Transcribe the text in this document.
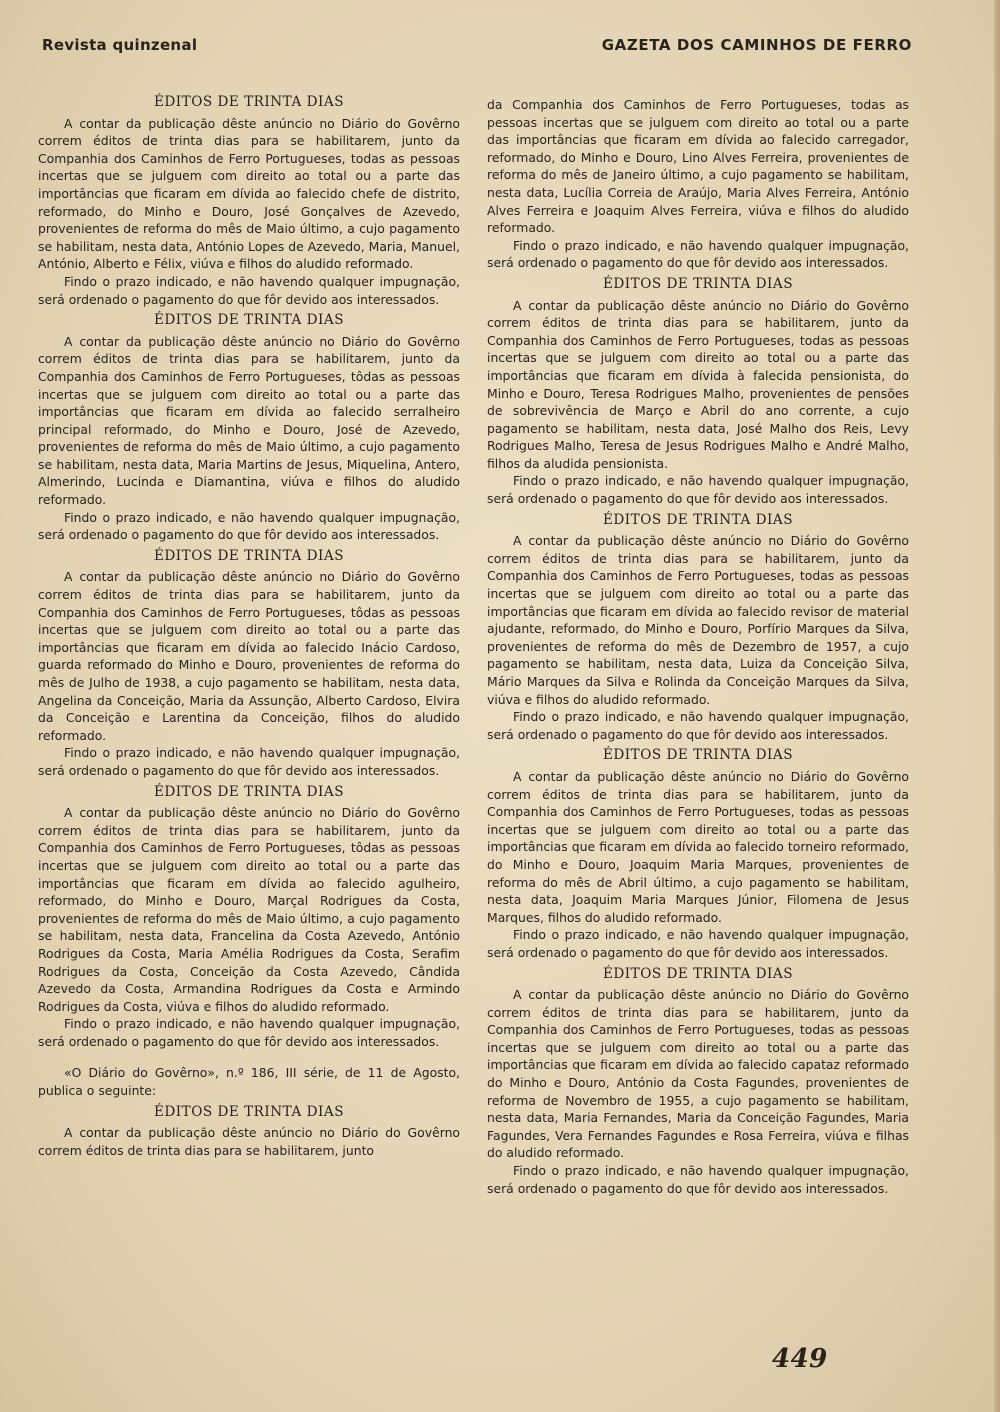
Revista quinzenal	GAZETA DOS CAMINHOS DE FERRO
ÉDITOS DE TRINTA DIAS

A contar da publicação dêste anúncio no Diário do Govêrno correm éditos de trinta dias para se habilitarem, junto da Companhia dos Caminhos de Ferro Portugueses, todas as pessoas incertas que se julguem com direito ao total ou a parte das importâncias que ficaram em dívida ao falecido chefe de distrito, reformado, do Minho e Douro, José Gonçalves de Azevedo, provenientes de reforma do mês de Maio último, a cujo pagamento se habilitam, nesta data, António Lopes de Azevedo, Maria, Manuel, António, Alberto e Félix, viúva e filhos do aludido reformado.

Findo o prazo indicado, e não havendo qualquer impugnação, será ordenado o pagamento do que fôr devido aos interessados.

ÉDITOS DE TRINTA DIAS

A contar da publicação dêste anúncio no Diário do Govêrno correm éditos de trinta dias para se habilitarem, junto da Companhia dos Caminhos de Ferro Portugueses, tôdas as pessoas incertas que se julguem com direito ao total ou a parte das importâncias que ficaram em dívida ao falecido serralheiro principal reformado, do Minho e Douro, José de Azevedo, provenientes de reforma do mês de Maio último, a cujo pagamento se habilitam, nesta data, Maria Martins de Jesus, Miquelina, Antero, Almerindo, Lucinda e Diamantina, viúva e filhos do aludido reformado.

Findo o prazo indicado, e não havendo qualquer impugnação, será ordenado o pagamento do que fôr devido aos interessados.

ÉDITOS DE TRINTA DIAS

A contar da publicação dêste anúncio no Diário do Govêrno correm éditos de trinta dias para se habilitarem, junto da Companhia dos Caminhos de Ferro Portugueses, tôdas as pessoas incertas que se julguem com direito ao total ou a parte das importâncias que ficaram em dívida ao falecido Inácio Cardoso, guarda reformado do Minho e Douro, provenientes de reforma do mês de Julho de 1938, a cujo pagamento se habilitam, nesta data, Angelina da Conceição, Maria da Assunção, Alberto Cardoso, Elvira da Conceição e Larentina da Conceição, filhos do aludido reformado.

Findo o prazo indicado, e não havendo qualquer impugnação, será ordenado o pagamento do que fôr devido aos interessados.

ÉDITOS DE TRINTA DIAS

A contar da publicação dêste anúncio no Diário do Govêrno correm éditos de trinta dias para se habilitarem, junto da Companhia dos Caminhos de Ferro Portugueses, tôdas as pessoas incertas que se julguem com direito ao total ou a parte das importâncias que ficaram em dívida ao falecido agulheiro, reformado, do Minho e Douro, Marçal Rodrigues da Costa, provenientes de reforma do mês de Maio último, a cujo pagamento se habilitam, nesta data, Francelina da Costa Azevedo, António Rodrigues da Costa, Maria Amélia Rodrigues da Costa, Serafim Rodrigues da Costa, Conceição da Costa Azevedo, Cândida Azevedo da Costa, Armandina Rodrigues da Costa e Armindo Rodrigues da Costa, viúva e filhos do aludido reformado.

Findo o prazo indicado, e não havendo qualquer impugnação, será ordenado o pagamento do que fôr devido aos interessados.

«O Diário do Govêrno», n.º 186, III série, de 11 de Agosto, publica o seguinte:

ÉDITOS DE TRINTA DIAS

A contar da publicação dêste anúncio no Diário do Govêrno correm éditos de trinta dias para se habilitarem, junto

da Companhia dos Caminhos de Ferro Portugueses, todas as pessoas incertas que se julguem com direito ao total ou a parte das importâncias que ficaram em dívida ao falecido carregador, reformado, do Minho e Douro, Lino Alves Ferreira, provenientes de reforma do mês de Janeiro último, a cujo pagamento se habilitam, nesta data, Lucília Correia de Araújo, Maria Alves Ferreira, António Alves Ferreira e Joaquim Alves Ferreira, viúva e filhos do aludido reformado.

Findo o prazo indicado, e não havendo qualquer impugnação, será ordenado o pagamento do que fôr devido aos interessados.

ÉDITOS DE TRINTA DIAS

A contar da publicação dêste anúncio no Diário do Govêrno correm éditos de trinta dias para se habilitarem, junto da Companhia dos Caminhos de Ferro Portugueses, todas as pessoas incertas que se julguem com direito ao total ou a parte das importâncias que ficaram em dívida à falecida pensionista, do Minho e Douro, Teresa Rodrigues Malho, provenientes de pensões de sobrevivência de Março e Abril do ano corrente, a cujo pagamento se habilitam, nesta data, José Malho dos Reis, Levy Rodrigues Malho, Teresa de Jesus Rodrigues Malho e André Malho, filhos da aludida pensionista.

Findo o prazo indicado, e não havendo qualquer impugnação, será ordenado o pagamento do que fôr devido aos interessados.

ÉDITOS DE TRINTA DIAS

A contar da publicação dêste anúncio no Diário do Govêrno correm éditos de trinta dias para se habilitarem, junto da Companhia dos Caminhos de Ferro Portugueses, todas as pessoas incertas que se julguem com direito ao total ou a parte das importâncias que ficaram em dívida ao falecido revisor de material ajudante, reformado, do Minho e Douro, Porfírio Marques da Silva, provenientes de reforma do mês de Dezembro de 1957, a cujo pagamento se habilitam, nesta data, Luiza da Conceição Silva, Mário Marques da Silva e Rolinda da Conceição Marques da Silva, viúva e filhos do aludido reformado.

Findo o prazo indicado, e não havendo qualquer impugnação, será ordenado o pagamento do que fôr devido aos interessados.

ÉDITOS DE TRINTA DIAS

A contar da publicação dêste anúncio no Diário do Govêrno correm éditos de trinta dias para se habilitarem, junto da Companhia dos Caminhos de Ferro Portugueses, todas as pessoas incertas que se julguem com direito ao total ou a parte das importâncias que ficaram em dívida ao falecido torneiro reformado, do Minho e Douro, Joaquim Maria Marques, provenientes de reforma do mês de Abril último, a cujo pagamento se habilitam, nesta data, Joaquim Maria Marques Júnior, Filomena de Jesus Marques, filhos do aludido reformado.

Findo o prazo indicado, e não havendo qualquer impugnação, será ordenado o pagamento do que fôr devido aos interessados.

ÉDITOS DE TRINTA DIAS

A contar da publicação dêste anúncio no Diário do Govêrno correm éditos de trinta dias para se habilitarem, junto da Companhia dos Caminhos de Ferro Portugueses, todas as pessoas incertas que se julguem com direito ao total ou a parte das importâncias que ficaram em dívida ao falecido capataz reformado do Minho e Douro, António da Costa Fagundes, provenientes de reforma de Novembro de 1955, a cujo pagamento se habilitam, nesta data, Maria Fernandes, Maria da Conceição Fagundes, Maria Fagundes, Vera Fernandes Fagundes e Rosa Ferreira, viúva e filhas do aludido reformado.

Findo o prazo indicado, e não havendo qualquer impugnação, será ordenado o pagamento do que fôr devido aos interessados.

449
